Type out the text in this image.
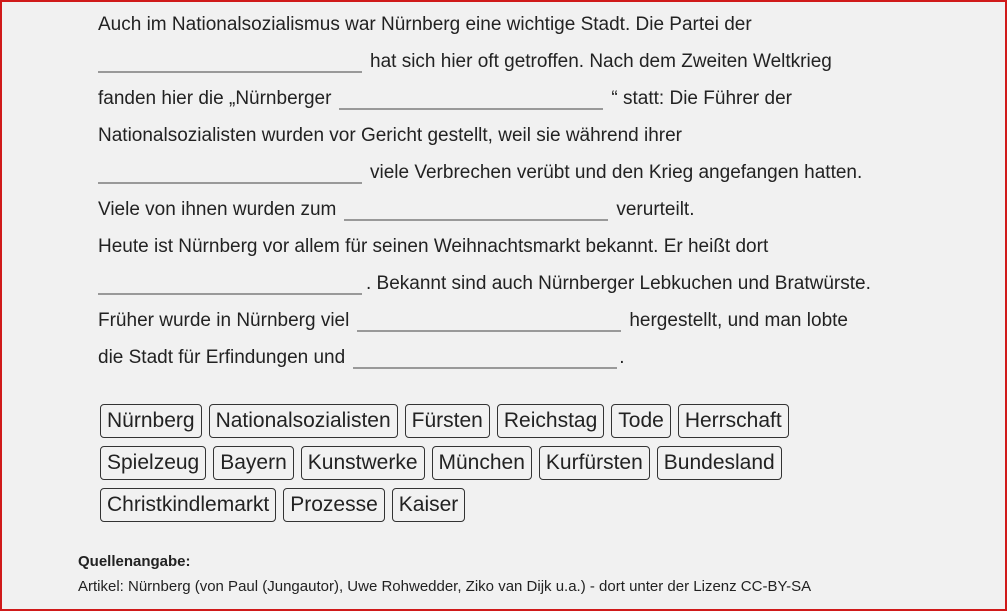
Auch im Nationalsozialismus war Nürnberg eine wichtige Stadt. Die Partei der
hat sich hier oft getroffen. Nach dem Zweiten Weltkrieg
fanden hier die „Nürnberger	“ statt: Die Führer der
Nationalsozialisten wurden vor Gericht gestellt, weil sie während ihrer
viele Verbrechen verübt und den Krieg angefangen hatten.
Viele von ihnen wurden zum	verurteilt.
Heute ist Nürnberg vor allem für seinen Weihnachtsmarkt bekannt. Er heißt dort
. Bekannt sind auch Nürnberger Lebkuchen und Bratwürste.
Früher wurde in Nürnberg viel	hergestellt, und man lobte
die Stadt für Erfindungen und	.
Nürnberg	Nationalsozialisten	Fürsten	Reichstag	Tode	Herrschaft
Spielzeug	Bayern	Kunstwerke	München	Kurfürsten	Bundesland
Christkindlemarkt	Prozesse	Kaiser
Quellenangabe:
Artikel: Nürnberg (von Paul (Jungautor), Uwe Rohwedder, Ziko van Dijk u.a.) - dort unter der Lizenz CC-BY-SA
